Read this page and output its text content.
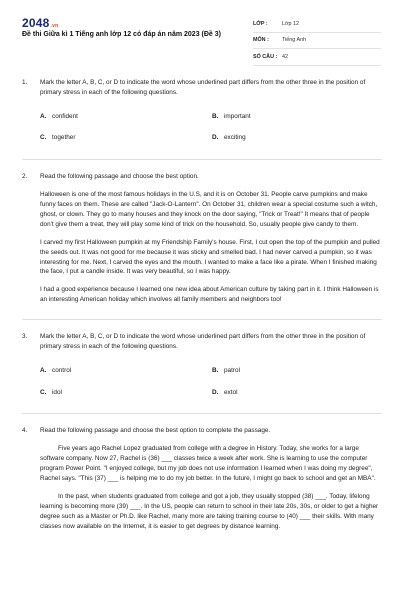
2048.vn
Đề thi Giữa kì 1 Tiếng anh lớp 12 có đáp án năm 2023 (Đề 3)
LỚP :	Lớp 12
MÔN :	Tiếng Anh
SỐ CÂU : 42
1. Mark the letter A, B, C, or D to indicate the word whose underlined part differs from the other three in the position of primary stress in each of the following questions.
A. confident	B. important
C. together	D. exciting
2. Read the following passage and choose the best option.

Halloween is one of the most famous holidays in the U.S, and it is on October 31. People carve pumpkins and make funny faces on them. These are called "Jack-O-Lantern". On October 31, children wear a special costume such a witch, ghost, or clown. They go to many houses and they knock on the door saying, "Trick or Treat!" It means that of people don't give them a treat, they will play some kind of trick on the household. So, usually people give candy to them.

I carved my first Halloween pumpkin at my Friendship Family's house. First, I cut open the top of the pumpkin and pulled the seeds out. It was not good for me because it was sticky and smelled bad. I had never carved a pumpkin, so it was interesting for me. Next, I carved the eyes and the mouth. I wanted to make a face like a pirate. When I finished making the face, I put a candle inside. It was very beautiful, so I was happy.

I had a good experience because I learned one new idea about American culture by taking part in it. I think Halloween is an interesting American holiday which involves all family members and neighbors too!

3. Mark the letter A, B, C, or D to indicate the word whose underlined part differs from the other three in the position of primary stress in each of the following questions.
A. control	B. patrol
C. idol	D. extol
4. Read the following passage and choose the best option to complete the passage.

Five years ago Rachel Lopez graduated from college with a degree in History. Today, she works for a large software company. Now 27, Rachel is (36) ___ classes twice a week after work. She is learning to use the computer program Power Point. "I enjoyed college, but my job does not use information I learned when I was doing my degree", Rachel says. "This (37) ___ is helping me to do my job better. In the future, I might go back to school and get an MBA".

In the past, when students graduated from college and got a job, they usually stopped (38) ___. Today, lifelong learning is becoming more (39) ___. In the US, people can return to school in their late 20s, 30s, or older to get a higher degree such as a Master or Ph.D. like Rachel, many more are taking training course to (40) ___ their skills. With many classes now available on the Internet, it is easier to get degrees by distance learning.
